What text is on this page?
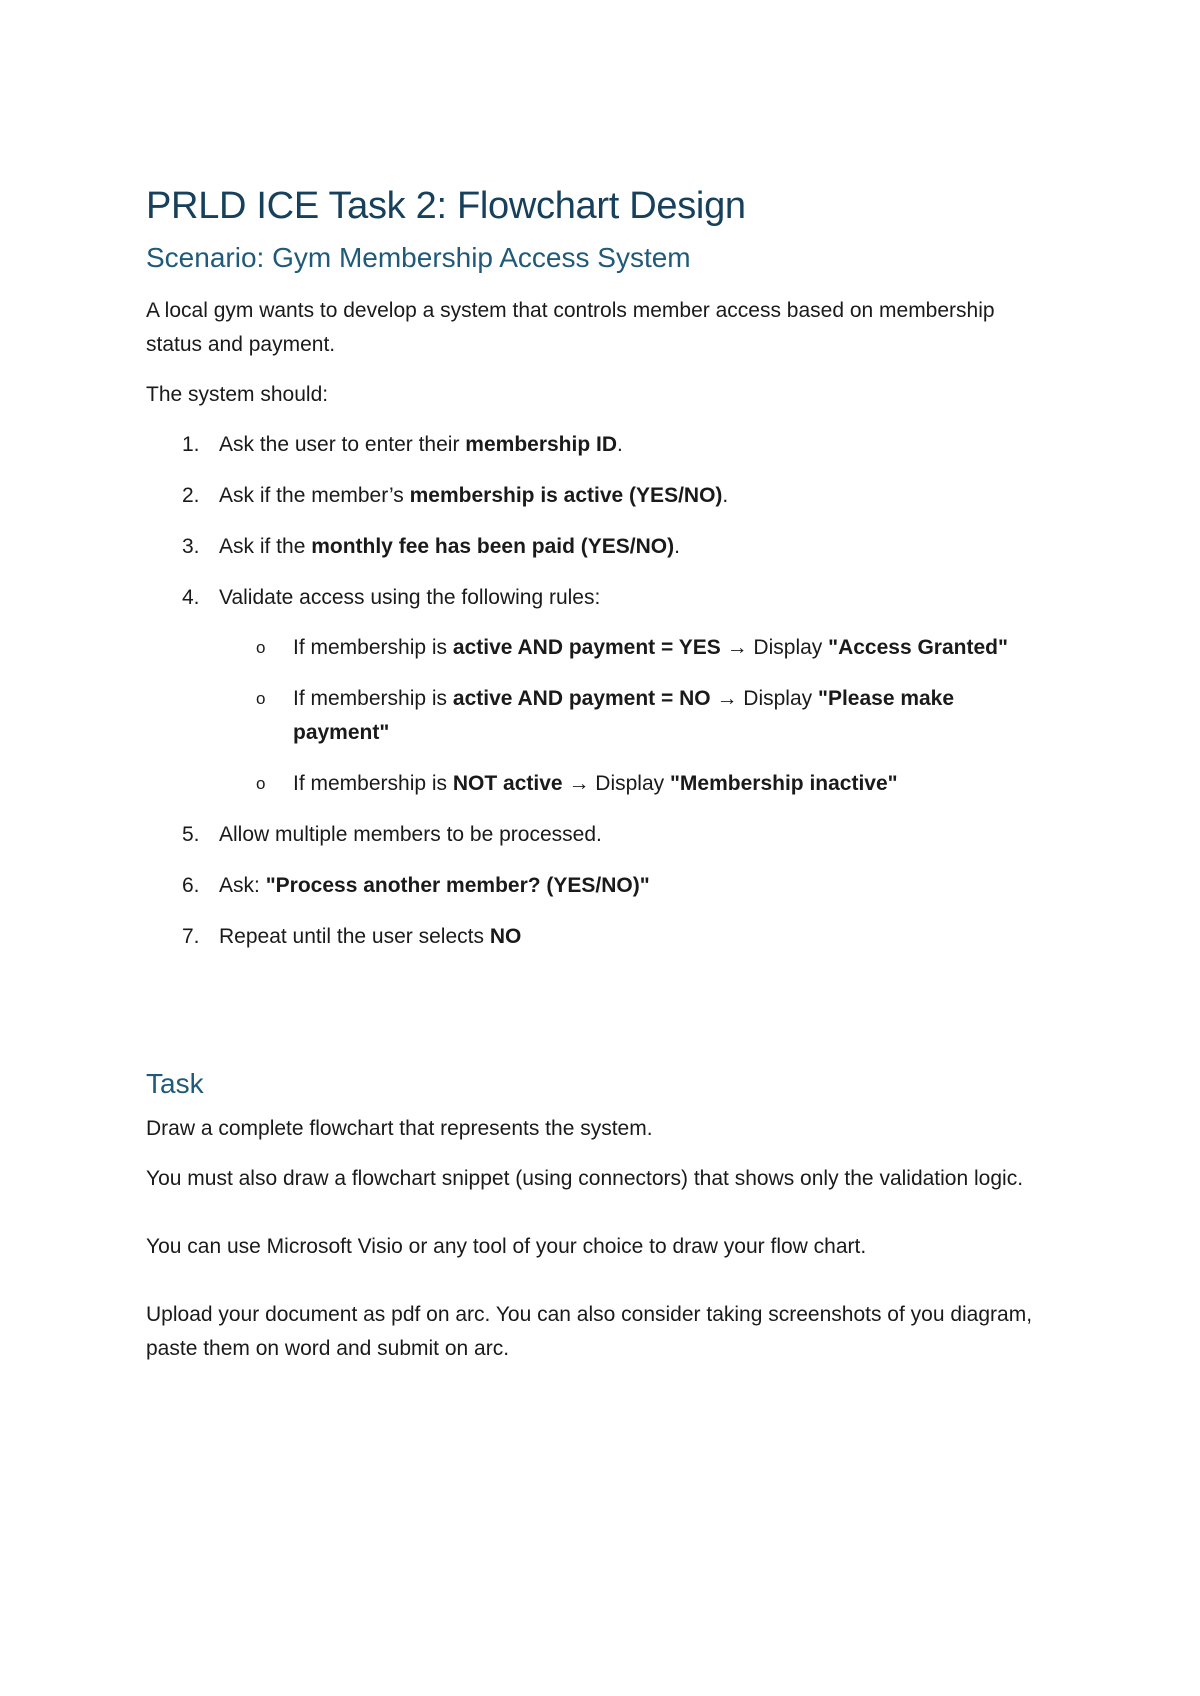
PRLD ICE Task 2: Flowchart Design
Scenario: Gym Membership Access System

A local gym wants to develop a system that controls member access based on membership status and payment.

The system should:

1. Ask the user to enter their membership ID.
2. Ask if the member’s membership is active (YES/NO).
3. Ask if the monthly fee has been paid (YES/NO).
4. Validate access using the following rules:
o If membership is active AND payment = YES → Display "Access Granted"
o If membership is active AND payment = NO → Display "Please make payment"
o If membership is NOT active → Display "Membership inactive"
5. Allow multiple members to be processed.
6. Ask: "Process another member? (YES/NO)"
7. Repeat until the user selects NO
Task

Draw a complete flowchart that represents the system.

You must also draw a flowchart snippet (using connectors) that shows only the validation logic.

You can use Microsoft Visio or any tool of your choice to draw your flow chart.

Upload your document as pdf on arc. You can also consider taking screenshots of you diagram, paste them on word and submit on arc.
